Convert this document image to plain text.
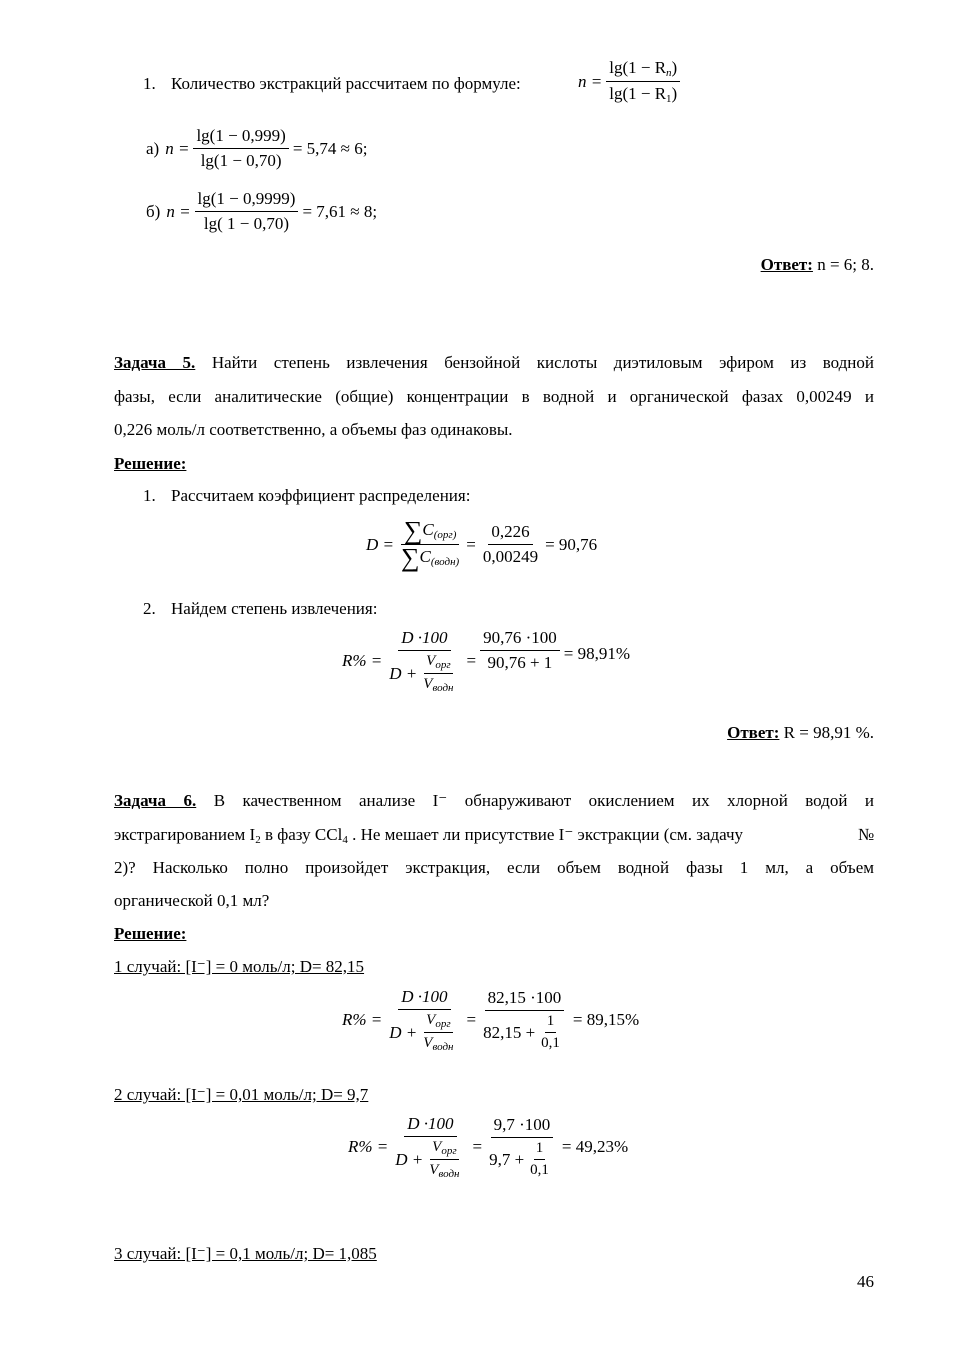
1. Количество экстракций рассчитаем по формуле:	$n = \frac{\lg(1 - R_n)}{\lg(1 - R_1)}$
а) $n = \frac{\lg(1 - 0,999)}{\lg(1 - 0,70)} = 5,74 \approx 6$;
б) $n = \frac{\lg(1 - 0,9999)}{\lg( 1 - 0,70)} = 7,61 \approx 8$;
Ответ: n = 6; 8.
Задача 5. Найти степень извлечения бензойной кислоты диэтиловым эфиром из водной
фазы, если аналитические (общие) концентрации в водной и органической фазах 0,00249 и
0,226 моль/л соответственно, а объемы фаз одинаковы.
Решение:
1. Рассчитаем коэффициент распределения:
$D = \frac{\sum C_{(орг)}}{\sum C_{(водн)}} = \frac{0,226}{0,00249} = 90,76$
2. Найдем степень извлечения:
$R\% = \frac{D \cdot 100}{D + \frac{V_{орг}}{V_{водн}}} = \frac{90,76 \cdot 100}{90,76 + 1} = 98,91\%$
Ответ: R = 98,91 %.
Задача 6. В качественном анализе I⁻ обнаруживают окислением их хлорной водой и
экстрагированием $I_2$ в фазу CCl$_4$ . Не мешает ли присутствие I⁻ экстракции (см. задачу	№
2)? Насколько полно произойдет экстракция, если объем водной фазы 1 мл, а объем
органической 0,1 мл?
Решение:
1 случай: [I⁻] = 0 моль/л; D= 82,15
$R\% = \frac{D \cdot 100}{D + \frac{V_{орг}}{V_{водн}}} = \frac{82,15 \cdot 100}{82,15 + \frac{1}{0,1}} = 89,15\%$
2 случай: [I⁻] = 0,01 моль/л; D= 9,7
$R\% = \frac{D \cdot 100}{D + \frac{V_{орг}}{V_{водн}}} = \frac{9,7 \cdot 100}{9,7 + \frac{1}{0,1}} = 49,23\%$
3 случай: [I⁻] = 0,1 моль/л; D= 1,085
46
